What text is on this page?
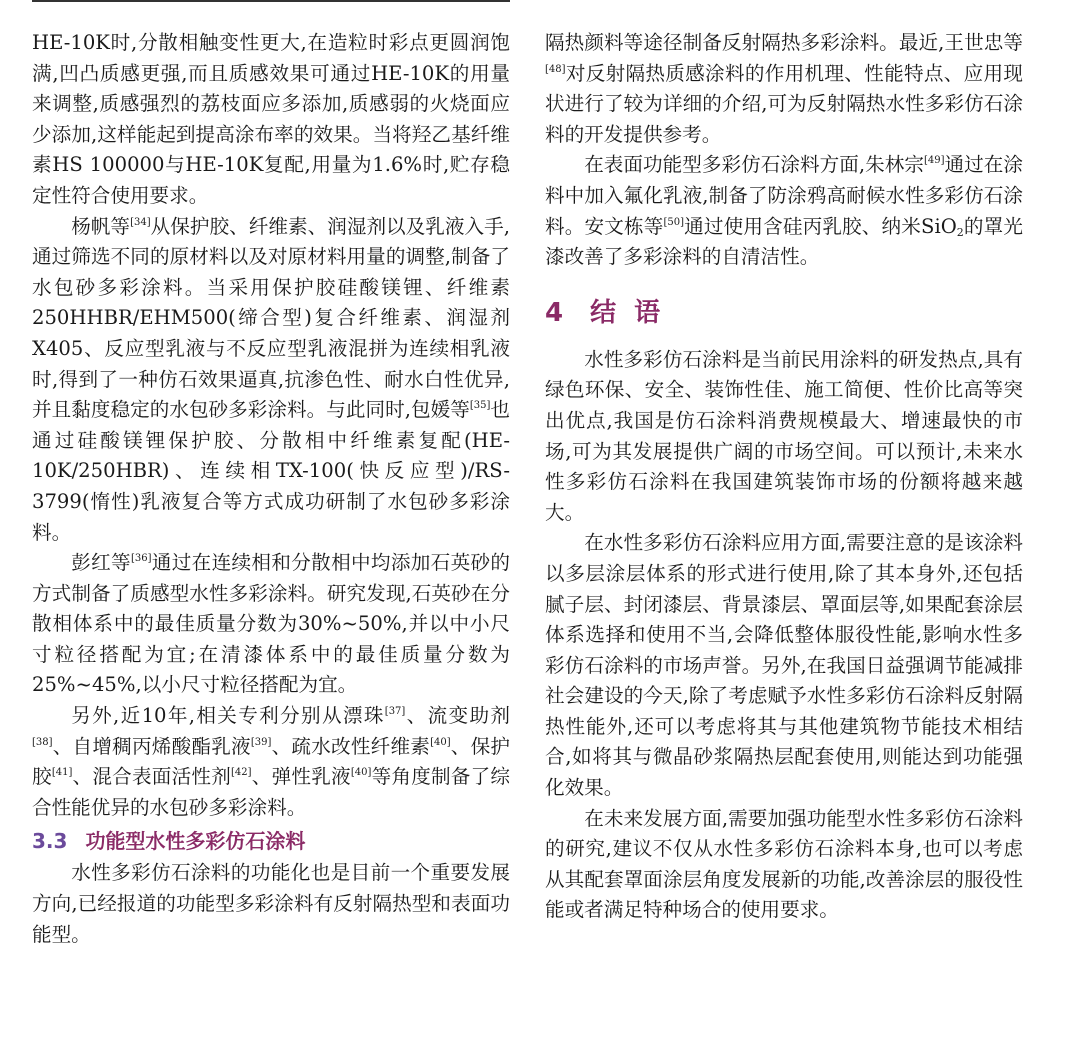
HE-10K时,分散相触变性更大,在造粒时彩点更圆润饱满,凹凸质感更强,而且质感效果可通过HE-10K的用量来调整,质感强烈的荔枝面应多添加,质感弱的火烧面应少添加,这样能起到提高涂布率的效果。当将羟乙基纤维素HS 100000与HE-10K复配,用量为1.6%时,贮存稳定性符合使用要求。

杨帆等[34]从保护胶、纤维素、润湿剂以及乳液入手,通过筛选不同的原材料以及对原材料用量的调整,制备了水包砂多彩涂料。当采用保护胶硅酸镁锂、纤维素250HHBR/EHM500(缔合型)复合纤维素、润湿剂X405、反应型乳液与不反应型乳液混拼为连续相乳液时,得到了一种仿石效果逼真,抗渗色性、耐水白性优异,并且黏度稳定的水包砂多彩涂料。与此同时,包媛等[35]也通过硅酸镁锂保护胶、分散相中纤维素复配(HE-10K/250HBR)、连续相TX-100(快反应型)/RS-3799(惰性)乳液复合等方式成功研制了水包砂多彩涂料。

彭红等[36]通过在连续相和分散相中均添加石英砂的方式制备了质感型水性多彩涂料。研究发现,石英砂在分散相体系中的最佳质量分数为30%~50%,并以中小尺寸粒径搭配为宜;在清漆体系中的最佳质量分数为25%~45%,以小尺寸粒径搭配为宜。

另外,近10年,相关专利分别从漂珠[37]、流变助剂[38]、自增稠丙烯酸酯乳液[39]、疏水改性纤维素[40]、保护胶[41]、混合表面活性剂[42]、弹性乳液[40]等角度制备了综合性能优异的水包砂多彩涂料。

3.3 功能型水性多彩仿石涂料

水性多彩仿石涂料的功能化也是目前一个重要发展方向,已经报道的功能型多彩涂料有反射隔热型和表面功能型。

隔热颜料等途径制备反射隔热多彩涂料。最近,王世忠等[48]对反射隔热质感涂料的作用机理、性能特点、应用现状进行了较为详细的介绍,可为反射隔热水性多彩仿石涂料的开发提供参考。

在表面功能型多彩仿石涂料方面,朱林宗[49]通过在涂料中加入氟化乳液,制备了防涂鸦高耐候水性多彩仿石涂料。安文栋等[50]通过使用含硅丙乳胶、纳米SiO$_2$的罩光漆改善了多彩涂料的自清洁性。

4 结语

水性多彩仿石涂料是当前民用涂料的研发热点,具有绿色环保、安全、装饰性佳、施工简便、性价比高等突出优点,我国是仿石涂料消费规模最大、增速最快的市场,可为其发展提供广阔的市场空间。可以预计,未来水性多彩仿石涂料在我国建筑装饰市场的份额将越来越大。

在水性多彩仿石涂料应用方面,需要注意的是该涂料以多层涂层体系的形式进行使用,除了其本身外,还包括腻子层、封闭漆层、背景漆层、罩面层等,如果配套涂层体系选择和使用不当,会降低整体服役性能,影响水性多彩仿石涂料的市场声誉。另外,在我国日益强调节能减排社会建设的今天,除了考虑赋予水性多彩仿石涂料反射隔热性能外,还可以考虑将其与其他建筑物节能技术相结合,如将其与微晶砂浆隔热层配套使用,则能达到功能强化效果。

在未来发展方面,需要加强功能型水性多彩仿石涂料的研究,建议不仅从水性多彩仿石涂料本身,也可以考虑从其配套罩面涂层角度发展新的功能,改善涂层的服役性能或者满足特种场合的使用要求。
